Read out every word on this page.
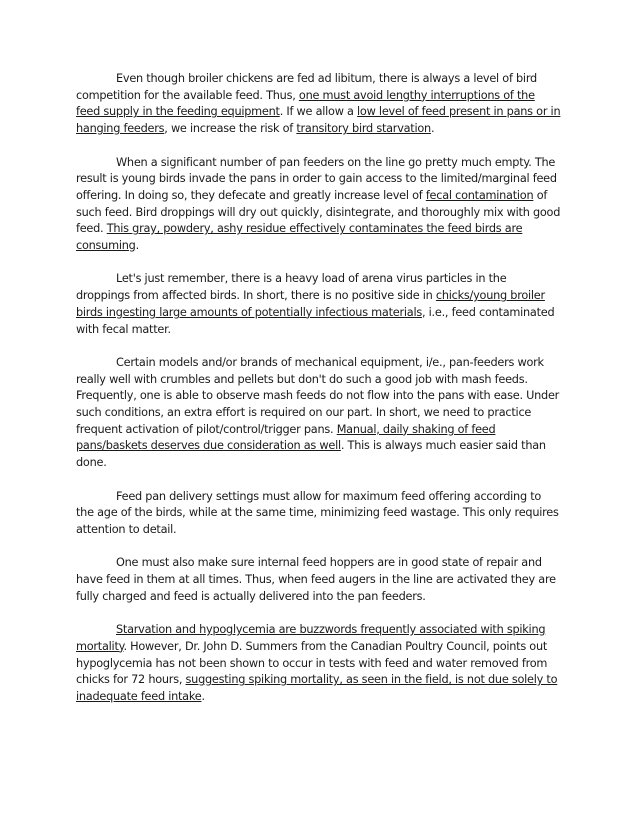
Even though broiler chickens are fed ad libitum, there is always a level of bird competition for the available feed. Thus, one must avoid lengthy interruptions of the feed supply in the feeding equipment. If we allow a low level of feed present in pans or in hanging feeders, we increase the risk of transitory bird starvation.

When a significant number of pan feeders on the line go pretty much empty. The result is young birds invade the pans in order to gain access to the limited/marginal feed offering. In doing so, they defecate and greatly increase level of fecal contamination of such feed. Bird droppings will dry out quickly, disintegrate, and thoroughly mix with good feed. This gray, powdery, ashy residue effectively contaminates the feed birds are consuming.

Let's just remember, there is a heavy load of arena virus particles in the droppings from affected birds. In short, there is no positive side in chicks/young broiler birds ingesting large amounts of potentially infectious materials, i.e., feed contaminated with fecal matter.

Certain models and/or brands of mechanical equipment, i/e., pan-feeders work really well with crumbles and pellets but don't do such a good job with mash feeds. Frequently, one is able to observe mash feeds do not flow into the pans with ease. Under such conditions, an extra effort is required on our part. In short, we need to practice frequent activation of pilot/control/trigger pans. Manual, daily shaking of feed pans/baskets deserves due consideration as well. This is always much easier said than done.

Feed pan delivery settings must allow for maximum feed offering according to the age of the birds, while at the same time, minimizing feed wastage. This only requires attention to detail.

One must also make sure internal feed hoppers are in good state of repair and have feed in them at all times. Thus, when feed augers in the line are activated they are fully charged and feed is actually delivered into the pan feeders.

Starvation and hypoglycemia are buzzwords frequently associated with spiking mortality. However, Dr. John D. Summers from the Canadian Poultry Council, points out hypoglycemia has not been shown to occur in tests with feed and water removed from chicks for 72 hours, suggesting spiking mortality, as seen in the field, is not due solely to inadequate feed intake.
